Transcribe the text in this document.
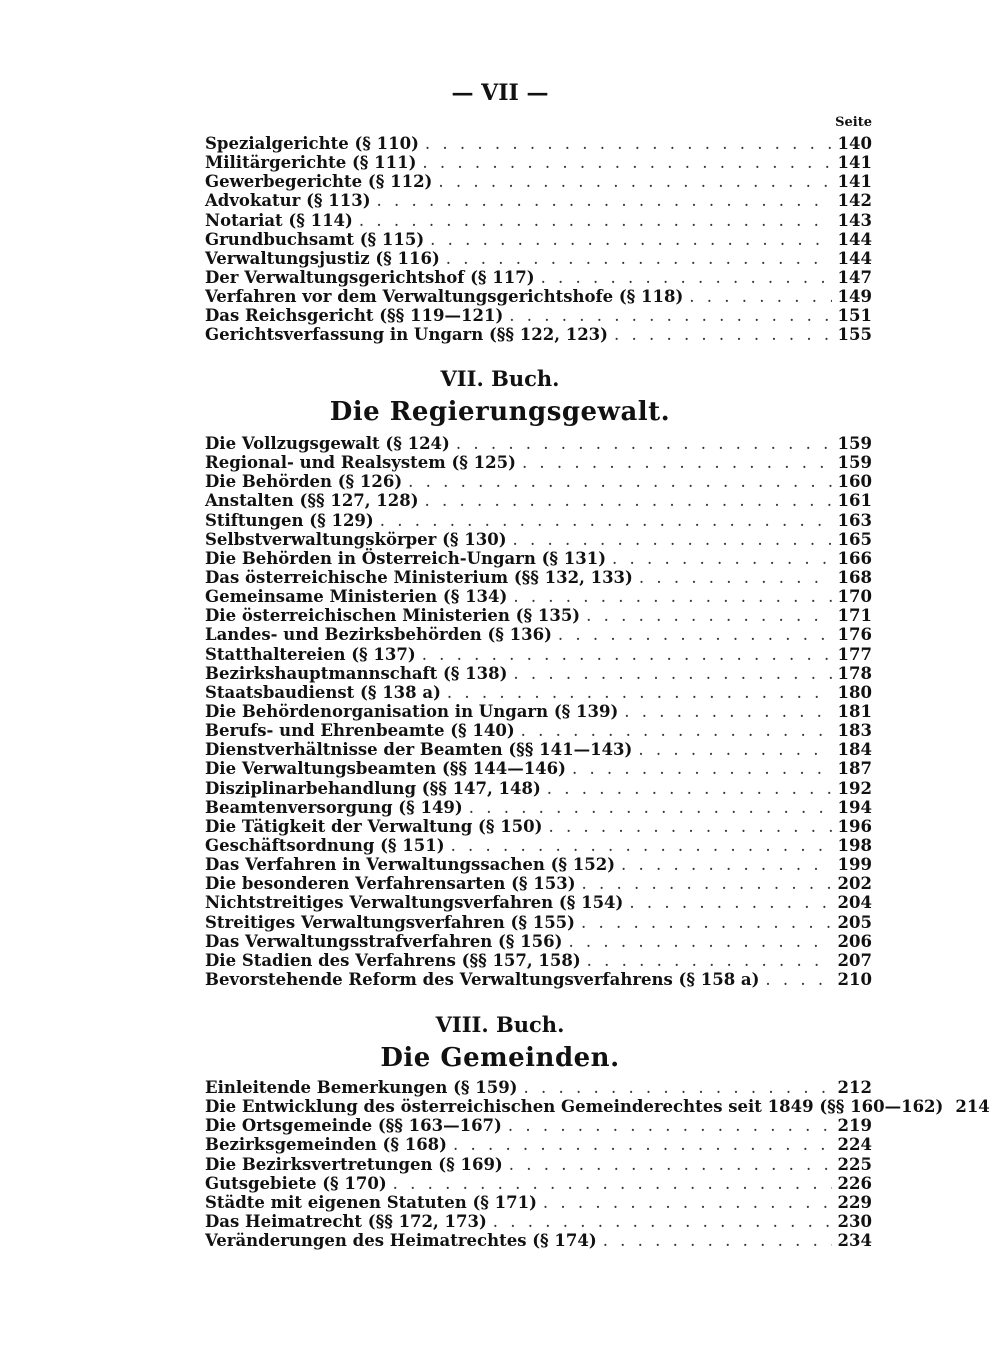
— VII —
Seite
Spezialgerichte (§ 110) . . .	140
Militärgerichte (§ 111) . . .	141
Gewerbegerichte (§ 112) . . .	141
Advokatur (§ 113) . . .	142
Notariat (§ 114) . . .	143
Grundbuchsamt (§ 115) . . .	144
Verwaltungsjustiz (§ 116) . . .	144
Der Verwaltungsgerichtshof (§ 117) . . .	147
Verfahren vor dem Verwaltungsgerichtshofe (§ 118) . . .	149
Das Reichsgericht (§§ 119—121) . . .	151
Gerichtsverfassung in Ungarn (§§ 122, 123) . . .	155
VII. Buch.
Die Regierungsgewalt.
Die Vollzugsgewalt (§ 124) . . .	159
Regional- und Realsystem (§ 125) . . .	159
Die Behörden (§ 126) . . .	160
Anstalten (§§ 127, 128) . . .	161
Stiftungen (§ 129) . . .	163
Selbstverwaltungskörper (§ 130) . . .	165
Die Behörden in Österreich-Ungarn (§ 131) . . .	166
Das österreichische Ministerium (§§ 132, 133) . . .	168
Gemeinsame Ministerien (§ 134) . . .	170
Die österreichischen Ministerien (§ 135) . . .	171
Landes- und Bezirksbehörden (§ 136) . . .	176
Statthaltereien (§ 137) . . .	177
Bezirkshauptmannschaft (§ 138) . . .	178
Staatsbaudienst (§ 138 a) . . .	180
Die Behördenorganisation in Ungarn (§ 139) . . .	181
Berufs- und Ehrenbeamte (§ 140) . . .	183
Dienstverhältnisse der Beamten (§§ 141—143) . . .	184
Die Verwaltungsbeamten (§§ 144—146) . . .	187
Disziplinarbehandlung (§§ 147, 148) . . .	192
Beamtenversorgung (§ 149) . . .	194
Die Tätigkeit der Verwaltung (§ 150) . . .	196
Geschäftsordnung (§ 151) . . .	198
Das Verfahren in Verwaltungssachen (§ 152) . . .	199
Die besonderen Verfahrensarten (§ 153) . . .	202
Nichtstreitiges Verwaltungsverfahren (§ 154) . . .	204
Streitiges Verwaltungsverfahren (§ 155) . . .	205
Das Verwaltungsstrafverfahren (§ 156) . . .	206
Die Stadien des Verfahrens (§§ 157, 158) . . .	207
Bevorstehende Reform des Verwaltungsverfahrens (§ 158 a) . . .	210
VIII. Buch.
Die Gemeinden.
Einleitende Bemerkungen (§ 159) . . .	212
Die Entwicklung des österreichischen Gemeinderechtes seit 1849 (§§ 160—162) 214
Die Ortsgemeinde (§§ 163—167) . . .	219
Bezirksgemeinden (§ 168) . . .	224
Die Bezirksvertretungen (§ 169) . . .	225
Gutsgebiete (§ 170) . . .	226
Städte mit eigenen Statuten (§ 171) . . .	229
Das Heimatrecht (§§ 172, 173) . . .	230
Veränderungen des Heimatrechtes (§ 174) . . .	234
